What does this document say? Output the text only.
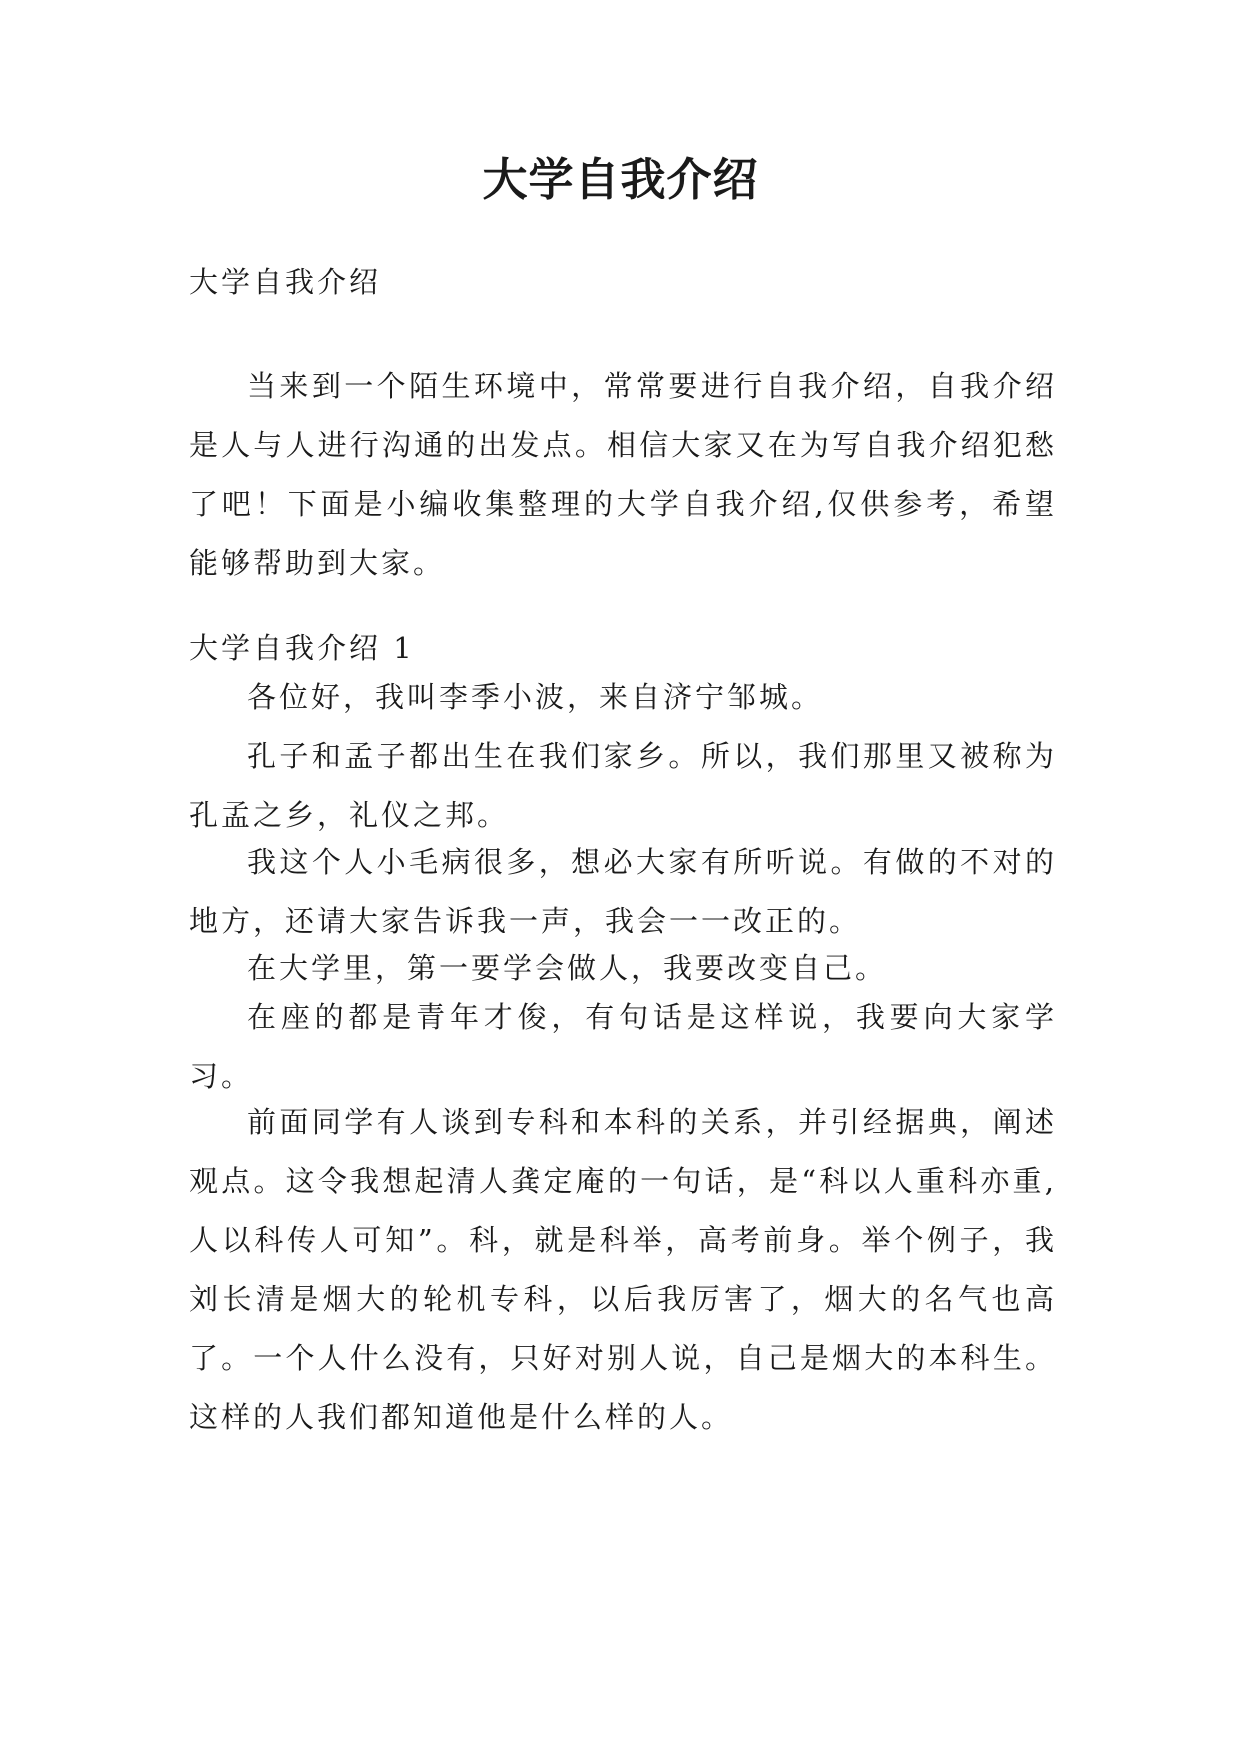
大学自我介绍

大学自我介绍

当来到一个陌生环境中，常常要进行自我介绍，自我介绍是人与人进行沟通的出发点。相信大家又在为写自我介绍犯愁了吧！下面是小编收集整理的大学自我介绍,仅供参考，希望能够帮助到大家。

大学自我介绍 1

各位好，我叫李季小波，来自济宁邹城。

孔子和孟子都出生在我们家乡。所以，我们那里又被称为孔孟之乡，礼仪之邦。

我这个人小毛病很多，想必大家有所听说。有做的不对的地方，还请大家告诉我一声，我会一一改正的。

在大学里，第一要学会做人，我要改变自己。

在座的都是青年才俊，有句话是这样说，我要向大家学习。

前面同学有人谈到专科和本科的关系，并引经据典，阐述观点。这令我想起清人龚定庵的一句话，是“科以人重科亦重,人以科传人可知”。科，就是科举，高考前身。举个例子，我刘长清是烟大的轮机专科，以后我厉害了，烟大的名气也高了。一个人什么没有，只好对别人说，自己是烟大的本科生。这样的人我们都知道他是什么样的人。
